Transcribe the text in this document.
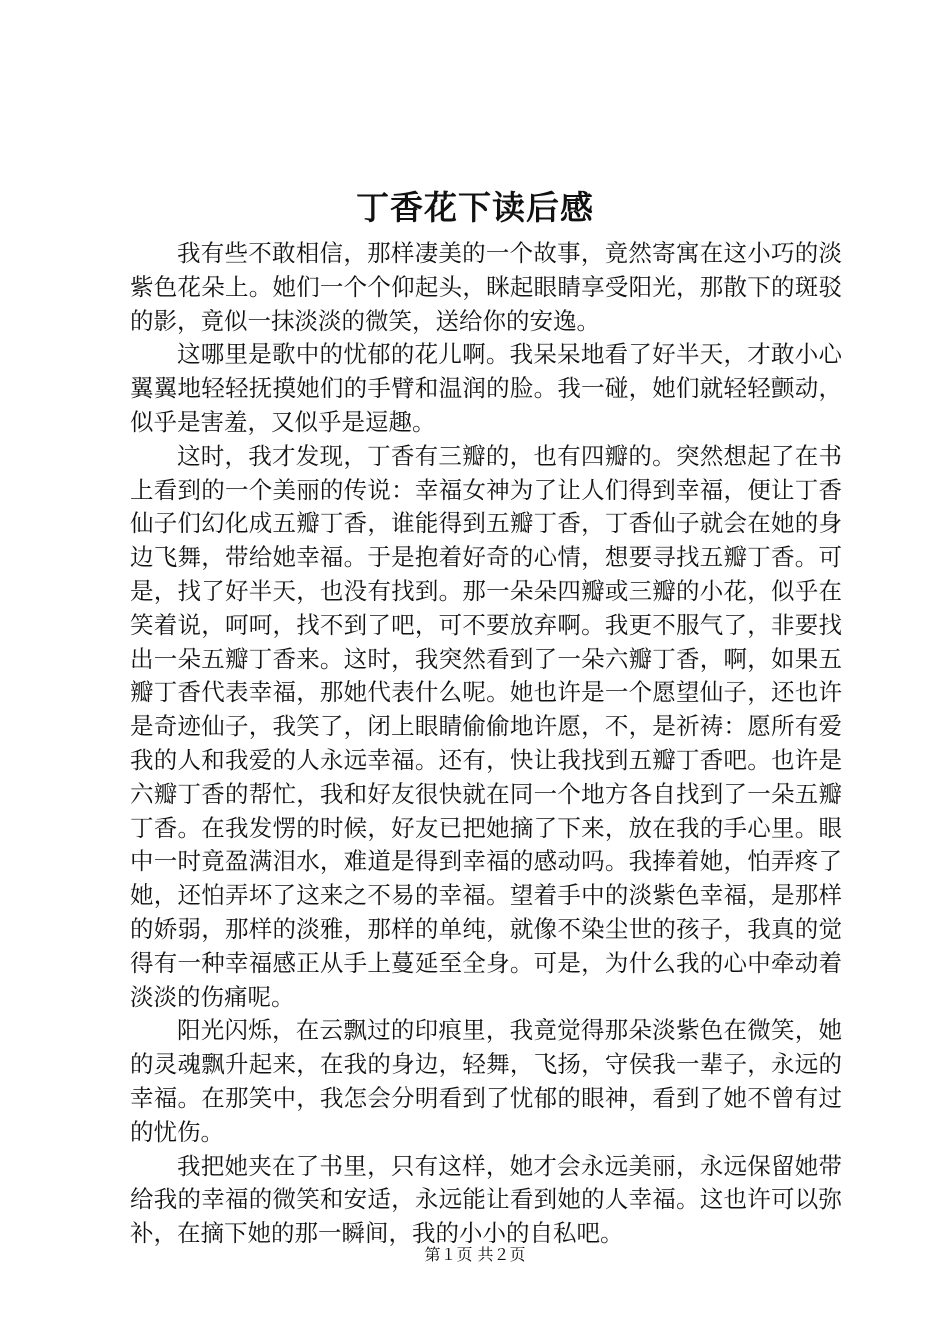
丁香花下读后感

我有些不敢相信，那样凄美的一个故事，竟然寄寓在这小巧的淡紫色花朵上。她们一个个仰起头，眯起眼睛享受阳光，那散下的斑驳的影，竟似一抹淡淡的微笑，送给你的安逸。

这哪里是歌中的忧郁的花儿啊。我呆呆地看了好半天，才敢小心翼翼地轻轻抚摸她们的手臂和温润的脸。我一碰，她们就轻轻颤动，似乎是害羞，又似乎是逗趣。

这时，我才发现，丁香有三瓣的，也有四瓣的。突然想起了在书上看到的一个美丽的传说：幸福女神为了让人们得到幸福，便让丁香仙子们幻化成五瓣丁香，谁能得到五瓣丁香，丁香仙子就会在她的身边飞舞，带给她幸福。于是抱着好奇的心情，想要寻找五瓣丁香。可是，找了好半天，也没有找到。那一朵朵四瓣或三瓣的小花，似乎在笑着说，呵呵，找不到了吧，可不要放弃啊。我更不服气了，非要找出一朵五瓣丁香来。这时，我突然看到了一朵六瓣丁香，啊，如果五瓣丁香代表幸福，那她代表什么呢。她也许是一个愿望仙子，还也许是奇迹仙子，我笑了，闭上眼睛偷偷地许愿，不，是祈祷：愿所有爱我的人和我爱的人永远幸福。还有，快让我找到五瓣丁香吧。也许是六瓣丁香的帮忙，我和好友很快就在同一个地方各自找到了一朵五瓣丁香。在我发愣的时候，好友已把她摘了下来，放在我的手心里。眼中一时竟盈满泪水，难道是得到幸福的感动吗。我捧着她，怕弄疼了她，还怕弄坏了这来之不易的幸福。望着手中的淡紫色幸福，是那样的娇弱，那样的淡雅，那样的单纯，就像不染尘世的孩子，我真的觉得有一种幸福感正从手上蔓延至全身。可是，为什么我的心中牵动着淡淡的伤痛呢。

阳光闪烁，在云飘过的印痕里，我竟觉得那朵淡紫色在微笑，她的灵魂飘升起来，在我的身边，轻舞，飞扬，守侯我一辈子，永远的幸福。在那笑中，我怎会分明看到了忧郁的眼神，看到了她不曾有过的忧伤。

我把她夹在了书里，只有这样，她才会永远美丽，永远保留她带给我的幸福的微笑和安适，永远能让看到她的人幸福。这也许可以弥补，在摘下她的那一瞬间，我的小小的自私吧。

第１页 共２页
